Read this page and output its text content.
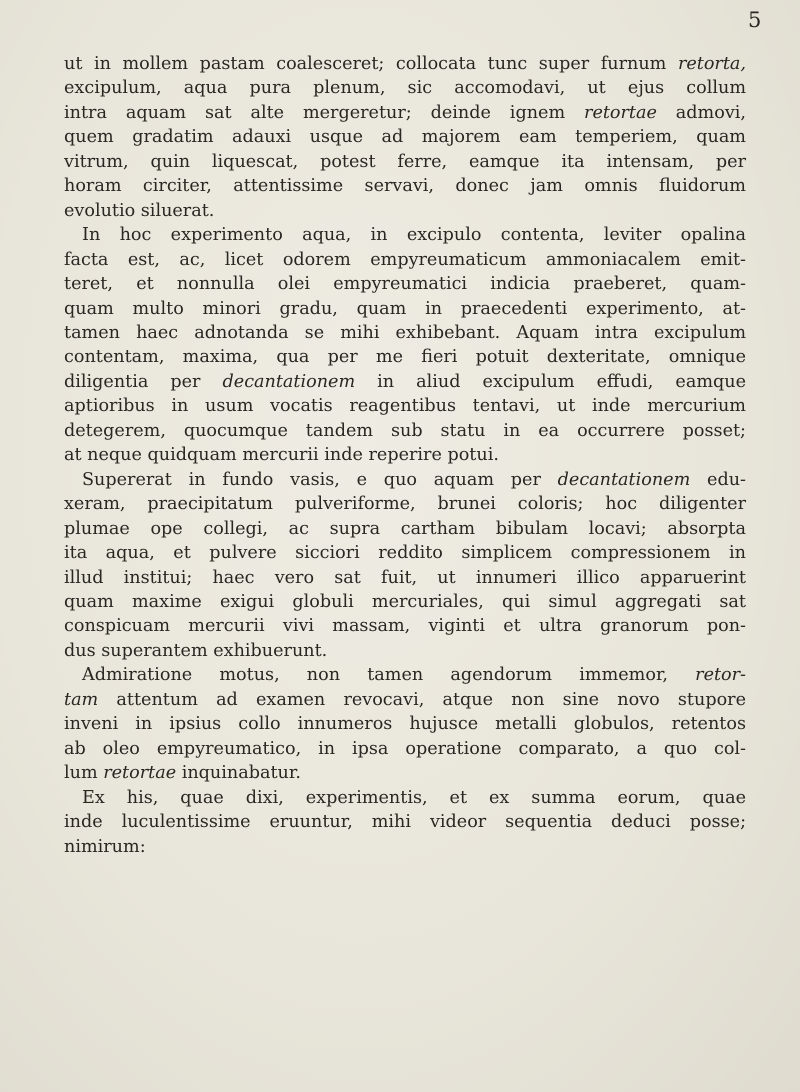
5

ut in mollem pastam coalesceret; collocata tunc super furnum retorta,
excipulum, aqua pura plenum, sic accomodavi, ut ejus collum
intra aquam sat alte mergeretur; deinde ignem retortae admovi,
quem gradatim adauxi usque ad majorem eam temperiem, quam
vitrum, quin liquescat, potest ferre, eamque ita intensam, per
horam circiter, attentissime servavi, donec jam omnis fluidorum
evolutio siluerat.

In hoc experimento aqua, in excipulo contenta, leviter opalina
facta est, ac, licet odorem empyreumaticum ammoniacalem emit-
teret, et nonnulla olei empyreumatici indicia praeberet, quam-
quam multo minori gradu, quam in praecedenti experimento, at-
tamen haec adnotanda se mihi exhibebant. Aquam intra excipulum
contentam, maxima, qua per me fieri potuit dexteritate, omnique
diligentia per decantationem in aliud excipulum effudi, eamque
aptioribus in usum vocatis reagentibus tentavi, ut inde mercurium
detegerem, quocumque tandem sub statu in ea occurrere posset;
at neque quidquam mercurii inde reperire potui.

Supererat in fundo vasis, e quo aquam per decantationem edu-
xeram, praecipitatum pulveriforme, brunei coloris; hoc diligenter
plumae ope collegi, ac supra cartham bibulam locavi; absorpta
ita aqua, et pulvere sicciori reddito simplicem compressionem in
illud institui; haec vero sat fuit, ut innumeri illico apparuerint
quam maxime exigui globuli mercuriales, qui simul aggregati sat
conspicuam mercurii vivi massam, viginti et ultra granorum pon-
dus superantem exhibuerunt.

Admiratione motus, non tamen agendorum immemor, retor-
tam attentum ad examen revocavi, atque non sine novo stupore
inveni in ipsius collo innumeros hujusce metalli globulos, retentos
ab oleo empyreumatico, in ipsa operatione comparato, a quo col-
lum retortae inquinabatur.

Ex his, quae dixi, experimentis, et ex summa eorum, quae
inde luculentissime eruuntur, mihi videor sequentia deduci posse;
nimirum:
